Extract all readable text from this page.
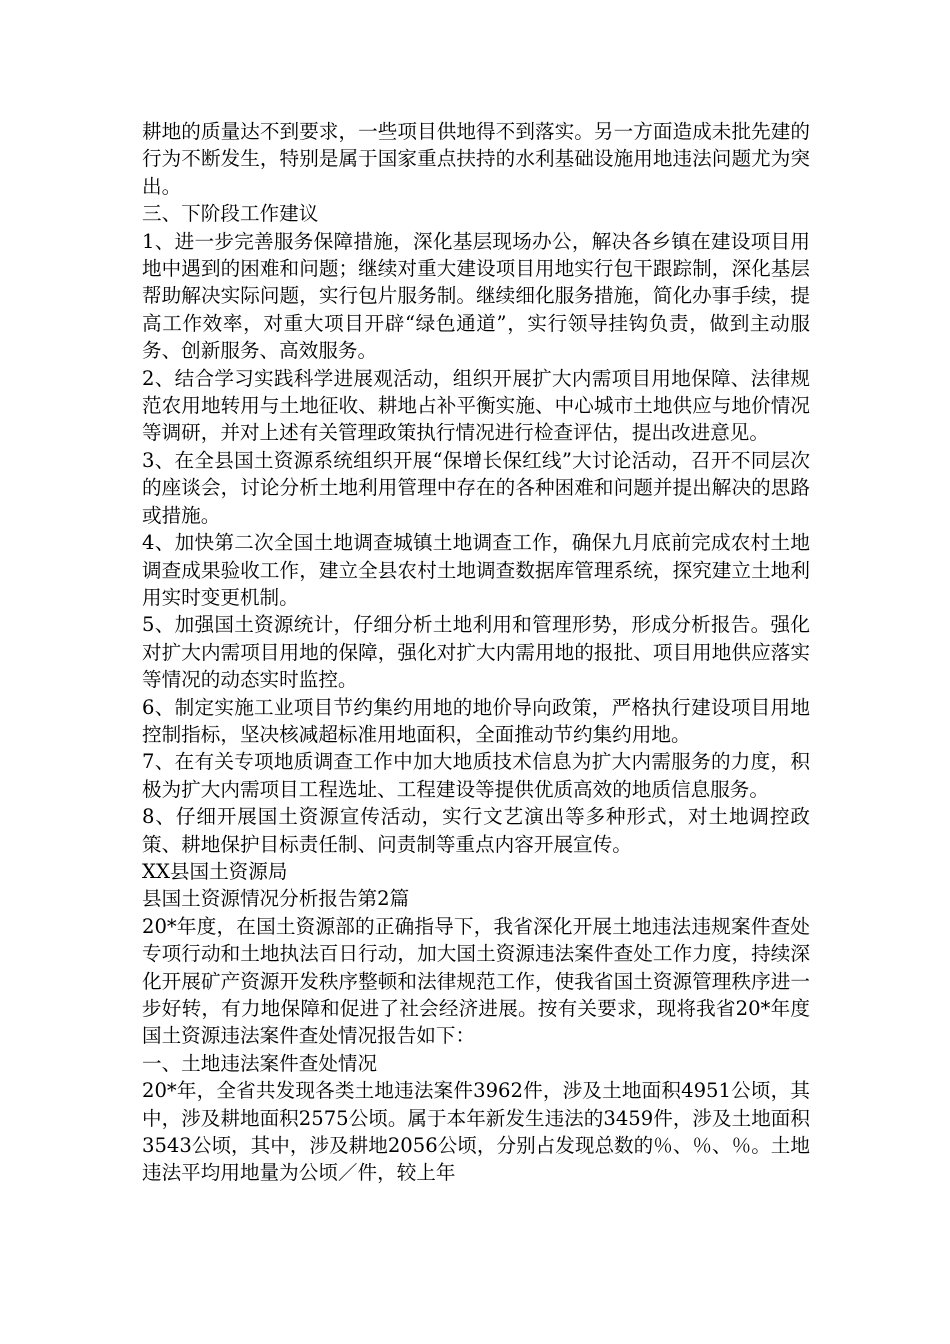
耕地的质量达不到要求，一些项目供地得不到落实。另一方面造成未批先建的行为不断发生，特别是属于国家重点扶持的水利基础设施用地违法问题尤为突出。

三、下阶段工作建议

1、进一步完善服务保障措施，深化基层现场办公，解决各乡镇在建设项目用地中遇到的困难和问题；继续对重大建设项目用地实行包干跟踪制，深化基层帮助解决实际问题，实行包片服务制。继续细化服务措施，简化办事手续，提高工作效率，对重大项目开辟“绿色通道”，实行领导挂钩负责，做到主动服务、创新服务、高效服务。

2、结合学习实践科学进展观活动，组织开展扩大内需项目用地保障、法律规范农用地转用与土地征收、耕地占补平衡实施、中心城市土地供应与地价情况等调研，并对上述有关管理政策执行情况进行检查评估，提出改进意见。

3、在全县国土资源系统组织开展“保增长保红线”大讨论活动，召开不同层次的座谈会，讨论分析土地利用管理中存在的各种困难和问题并提出解决的思路或措施。

4、加快第二次全国土地调查城镇土地调查工作，确保九月底前完成农村土地调查成果验收工作，建立全县农村土地调查数据库管理系统，探究建立土地利用实时变更机制。

5、加强国土资源统计，仔细分析土地利用和管理形势，形成分析报告。强化对扩大内需项目用地的保障，强化对扩大内需用地的报批、项目用地供应落实等情况的动态实时监控。

6、制定实施工业项目节约集约用地的地价导向政策，严格执行建设项目用地控制指标，坚决核减超标准用地面积，全面推动节约集约用地。

7、在有关专项地质调查工作中加大地质技术信息为扩大内需服务的力度，积极为扩大内需项目工程选址、工程建设等提供优质高效的地质信息服务。

8、仔细开展国土资源宣传活动，实行文艺演出等多种形式，对土地调控政策、耕地保护目标责任制、问责制等重点内容开展宣传。

XX县国土资源局

县国土资源情况分析报告第2篇

20*年度，在国土资源部的正确指导下，我省深化开展土地违法违规案件查处专项行动和土地执法百日行动，加大国土资源违法案件查处工作力度，持续深化开展矿产资源开发秩序整顿和法律规范工作，使我省国土资源管理秩序进一步好转，有力地保障和促进了社会经济进展。按有关要求，现将我省20*年度国土资源违法案件查处情况报告如下：

一、土地违法案件查处情况

20*年，全省共发现各类土地违法案件3962件，涉及土地面积4951公顷，其中，涉及耕地面积2575公顷。属于本年新发生违法的3459件，涉及土地面积3543公顷，其中，涉及耕地2056公顷，分别占发现总数的％、％、％。土地违法平均用地量为公顷／件，较上年
